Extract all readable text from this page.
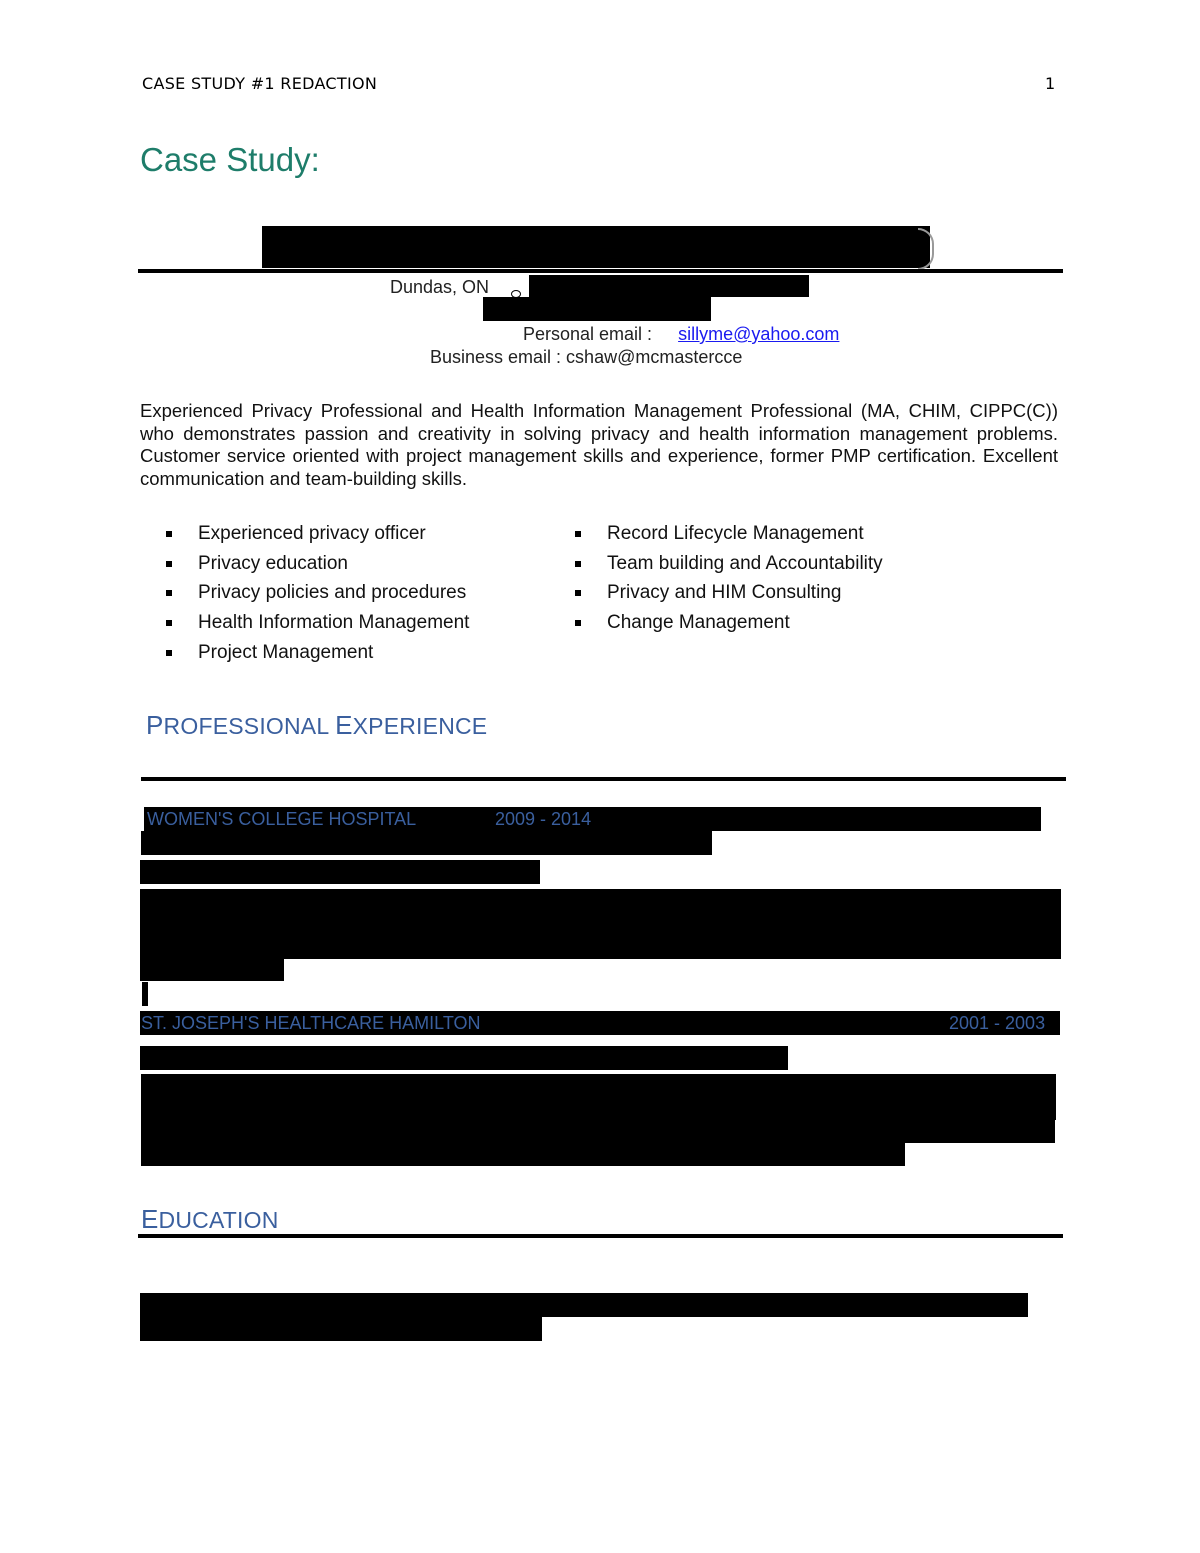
CASE STUDY #1 REDACTION	1
Case Study:
Dundas, ON
Personal email : sillyme@yahoo.com
Business email : cshaw@mcmastercce
Experienced Privacy Professional and Health Information Management Professional (MA, CHIM, CIPPC(C)) who demonstrates passion and creativity in solving privacy and health information management problems. Customer service oriented with project management skills and experience, former PMP certification. Excellent communication and team-building skills.
Experienced privacy officer
Privacy education
Privacy policies and procedures
Health Information Management
Project Management
Record Lifecycle Management
Team building and Accountability
Privacy and HIM Consulting
Change Management
PROFESSIONAL EXPERIENCE
WOMEN'S COLLEGE HOSPITAL	2009 - 2014
ST. JOSEPH'S HEALTHCARE HAMILTON	2001 - 2003
EDUCATION
